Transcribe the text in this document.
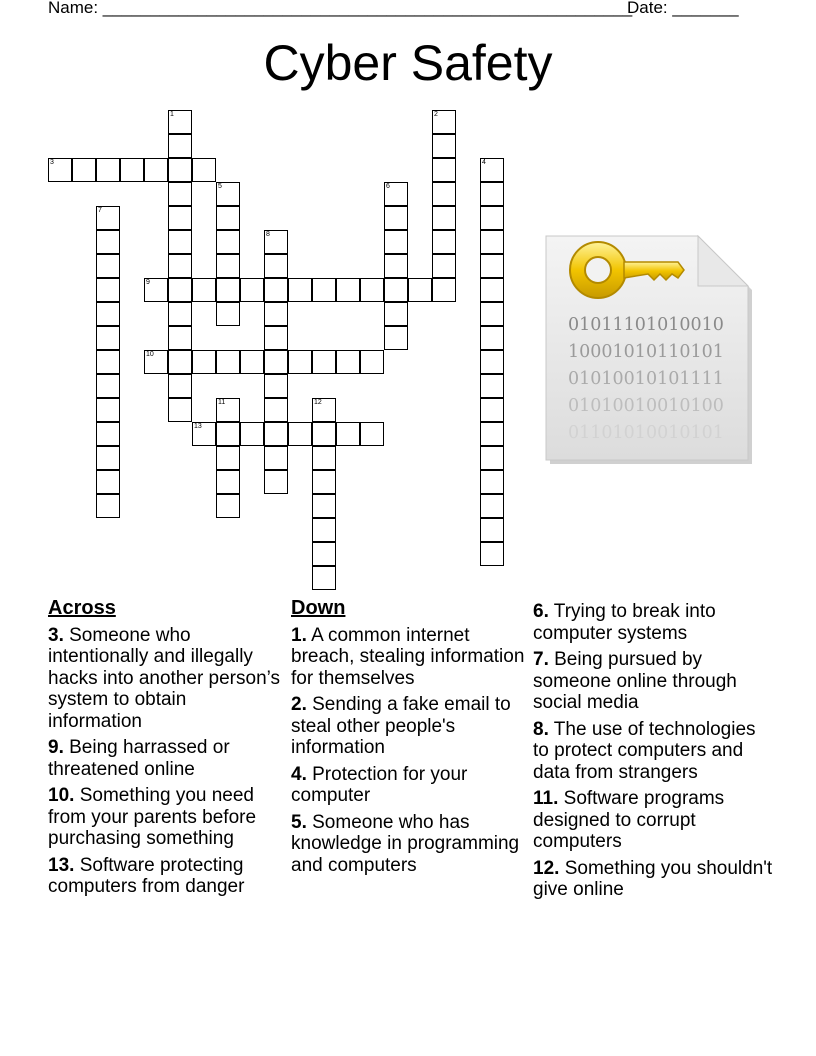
Name: ________________________________________________________
Date: _______
Cyber Safety
1	2
3	4
5	6
7
8
9
10
11	12
13
01011101010010
10001010110101
01010010101111
01010010010100
01101010010101
Across
3. Someone who intentionally and illegally hacks into another person’s system to obtain information
9. Being harrassed or threatened online
10. Something you need from your parents before purchasing something
13. Software protecting computers from danger
Down
1. A common internet breach, stealing information for themselves
2. Sending a fake email to steal other people's information
4. Protection for your computer
5. Someone who has knowledge in programming and computers
6. Trying to break into computer systems
7. Being pursued by someone online through social media
8. The use of technologies to protect computers and data from strangers
11. Software programs designed to corrupt computers
12. Something you shouldn't give online
